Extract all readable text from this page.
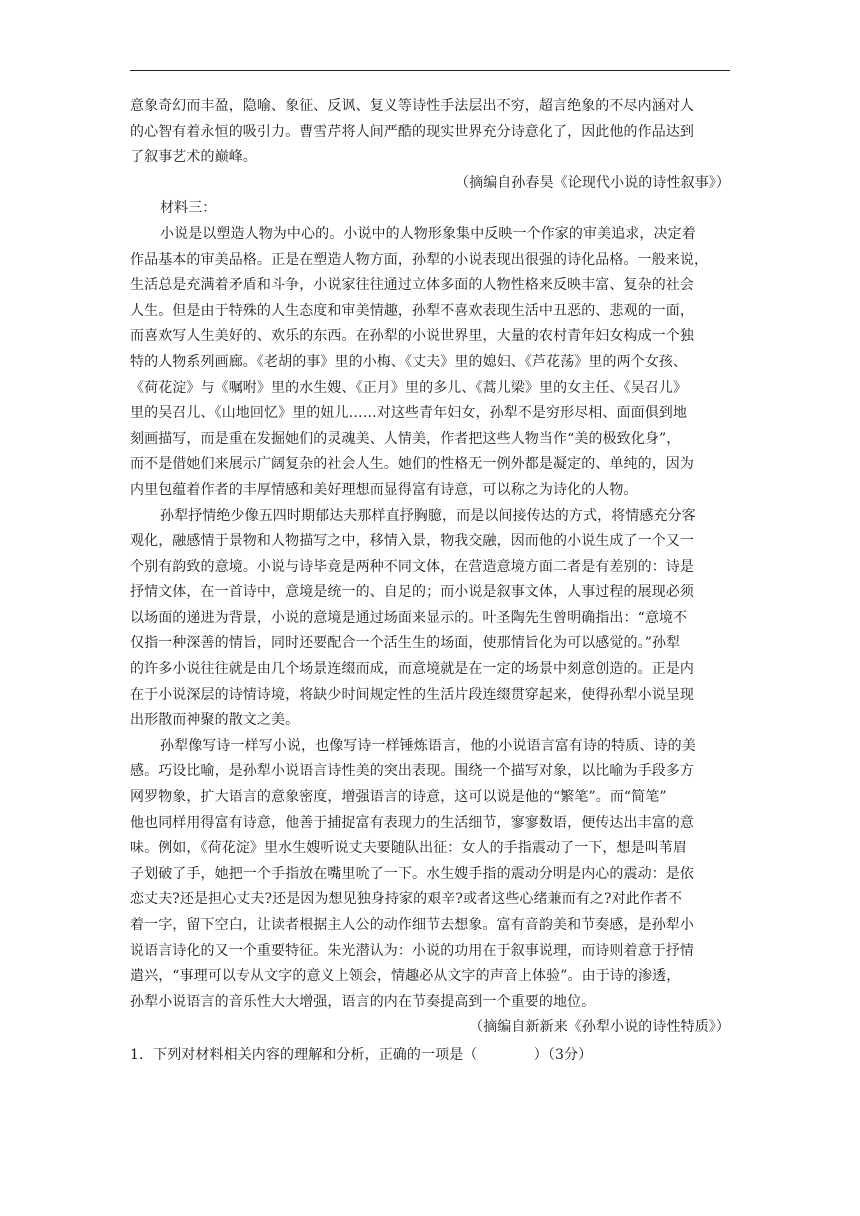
意象奇幻而丰盈，隐喻、象征、反讽、复义等诗性手法层出不穷，超言绝象的不尽内涵对人
的心智有着永恒的吸引力。曹雪芹将人间严酷的现实世界充分诗意化了，因此他的作品达到
了叙事艺术的巅峰。
（摘编自孙春昊《论现代小说的诗性叙事》）
材料三：
小说是以塑造人物为中心的。小说中的人物形象集中反映一个作家的审美追求，决定着
作品基本的审美品格。正是在塑造人物方面，孙犁的小说表现出很强的诗化品格。一般来说，
生活总是充满着矛盾和斗争，小说家往往通过立体多面的人物性格来反映丰富、复杂的社会
人生。但是由于特殊的人生态度和审美情趣，孙犁不喜欢表现生活中丑恶的、悲观的一面，
而喜欢写人生美好的、欢乐的东西。在孙犁的小说世界里，大量的农村青年妇女构成一个独
特的人物系列画廊。《老胡的事》里的小梅、《丈夫》里的媳妇、《芦花荡》里的两个女孩、
《荷花淀》与《嘱咐》里的水生嫂、《正月》里的多儿、《蒿儿梁》里的女主任、《吴召儿》
里的吴召儿、《山地回忆》里的妞儿……对这些青年妇女，孙犁不是穷形尽相、面面俱到地
刻画描写，而是重在发掘她们的灵魂美、人情美，作者把这些人物当作“美的极致化身”，
而不是借她们来展示广阔复杂的社会人生。她们的性格无一例外都是凝定的、单纯的，因为
内里包蕴着作者的丰厚情感和美好理想而显得富有诗意，可以称之为诗化的人物。
孙犁抒情绝少像五四时期郁达夫那样直抒胸臆，而是以间接传达的方式，将情感充分客
观化，融感情于景物和人物描写之中，移情入景，物我交融，因而他的小说生成了一个又一
个别有韵致的意境。小说与诗毕竟是两种不同文体，在营造意境方面二者是有差别的：诗是
抒情文体，在一首诗中，意境是统一的、自足的；而小说是叙事文体，人事过程的展现必须
以场面的递进为背景，小说的意境是通过场面来显示的。叶圣陶先生曾明确指出：“意境不
仅指一种深善的情旨，同时还要配合一个活生生的场面，使那情旨化为可以感觉的。”孙犁
的许多小说往往就是由几个场景连缀而成，而意境就是在一定的场景中刻意创造的。正是内
在于小说深层的诗情诗境，将缺少时间规定性的生活片段连缀贯穿起来，使得孙犁小说呈现
出形散而神聚的散文之美。
孙犁像写诗一样写小说，也像写诗一样锤炼语言，他的小说语言富有诗的特质、诗的美
感。巧设比喻，是孙犁小说语言诗性美的突出表现。围绕一个描写对象，以比喻为手段多方
网罗物象，扩大语言的意象密度，增强语言的诗意，这可以说是他的“繁笔”。而“简笔”
他也同样用得富有诗意，他善于捕捉富有表现力的生活细节，寥寥数语，便传达出丰富的意
味。例如，《荷花淀》里水生嫂听说丈夫要随队出征：女人的手指震动了一下，想是叫苇眉
子划破了手，她把一个手指放在嘴里吮了一下。水生嫂手指的震动分明是内心的震动：是依
恋丈夫?还是担心丈夫?还是因为想见独身持家的艰辛?或者这些心绪兼而有之?对此作者不
着一字，留下空白，让读者根据主人公的动作细节去想象。富有音韵美和节奏感，是孙犁小
说语言诗化的又一个重要特征。朱光潜认为：小说的功用在于叙事说理，而诗则着意于抒情
遣兴，“事理可以专从文字的意义上领会，情趣必从文字的声音上体验”。由于诗的渗透，
孙犁小说语言的音乐性大大增强，语言的内在节奏提高到一个重要的地位。
（摘编自新新来《孙犁小说的诗性特质》）
1．下列对材料相关内容的理解和分析，正确的一项是（　　　　）（3分）
